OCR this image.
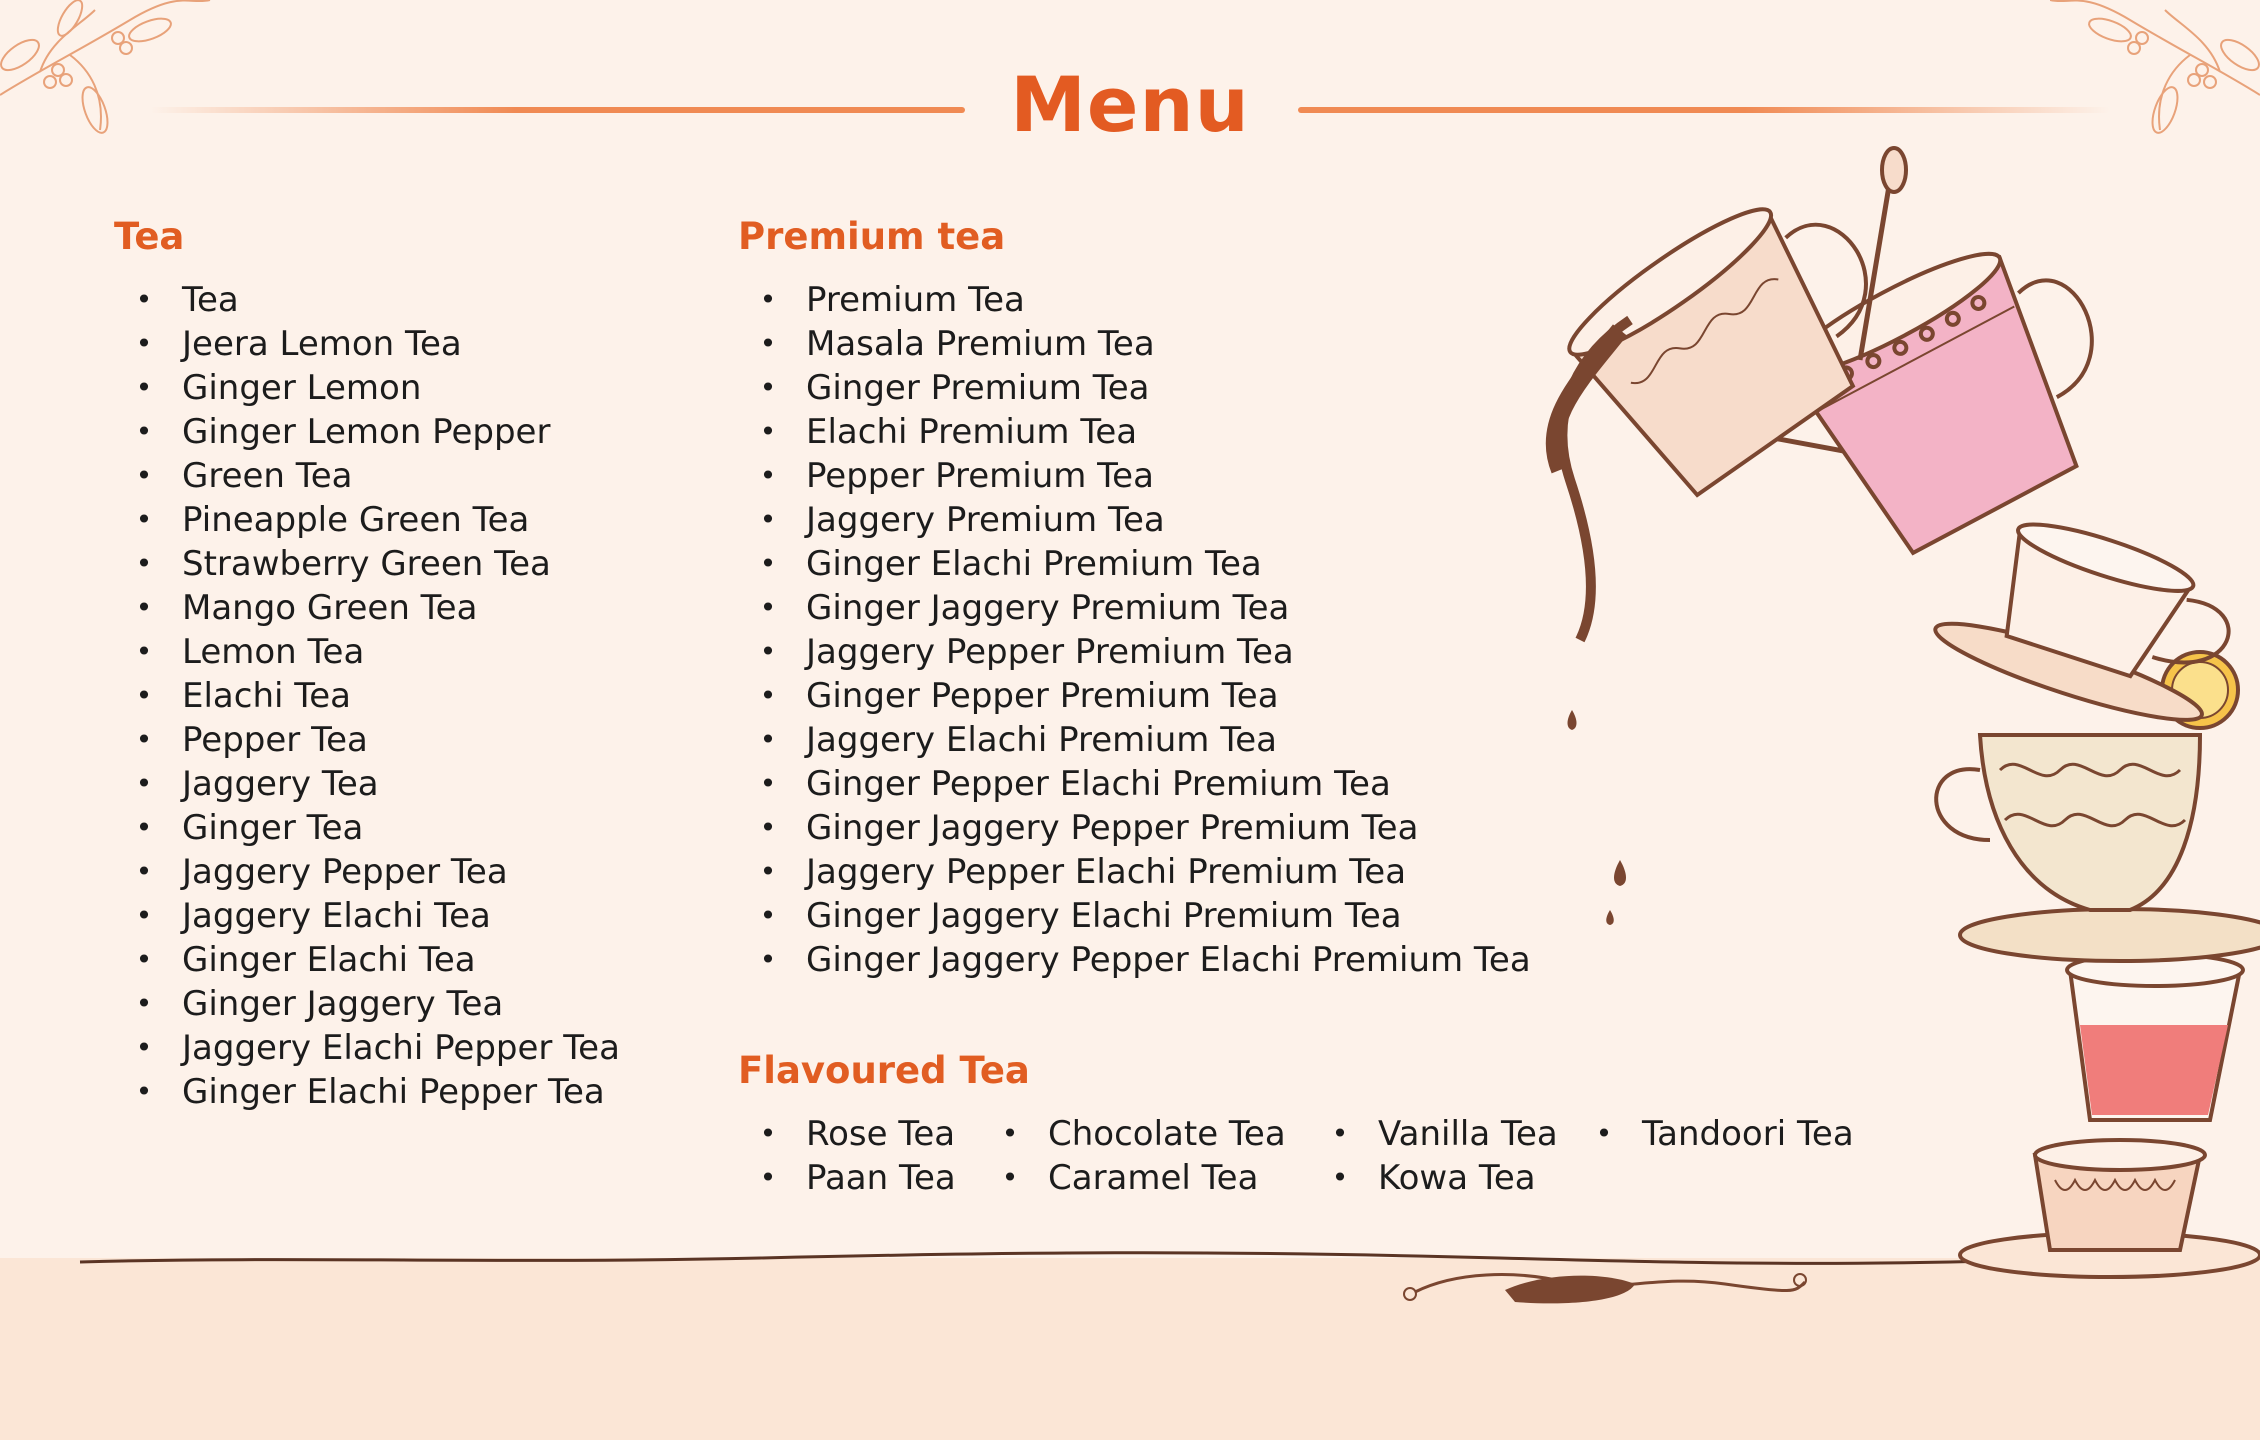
Menu
Tea
• Tea
• Jeera Lemon Tea
• Ginger Lemon
• Ginger Lemon Pepper
• Green Tea
• Pineapple Green Tea
• Strawberry Green Tea
• Mango Green Tea
• Lemon Tea
• Elachi Tea
• Pepper Tea
• Jaggery Tea
• Ginger Tea
• Jaggery Pepper Tea
• Jaggery Elachi Tea
• Ginger Elachi Tea
• Ginger Jaggery Tea
• Jaggery Elachi Pepper Tea
• Ginger Elachi Pepper Tea
Premium tea
• Premium Tea
• Masala Premium Tea
• Ginger Premium Tea
• Elachi Premium Tea
• Pepper Premium Tea
• Jaggery Premium Tea
• Ginger Elachi Premium Tea
• Ginger Jaggery Premium Tea
• Jaggery Pepper Premium Tea
• Ginger Pepper Premium Tea
• Jaggery Elachi Premium Tea
• Ginger Pepper Elachi Premium Tea
• Ginger Jaggery Pepper Premium Tea
• Jaggery Pepper Elachi Premium Tea
• Ginger Jaggery Elachi Premium Tea
• Ginger Jaggery Pepper Elachi Premium Tea
Flavoured Tea
• Rose Tea
• Paan Tea
• Chocolate Tea
• Caramel Tea
• Vanilla Tea
• Kowa Tea
• Tandoori Tea
